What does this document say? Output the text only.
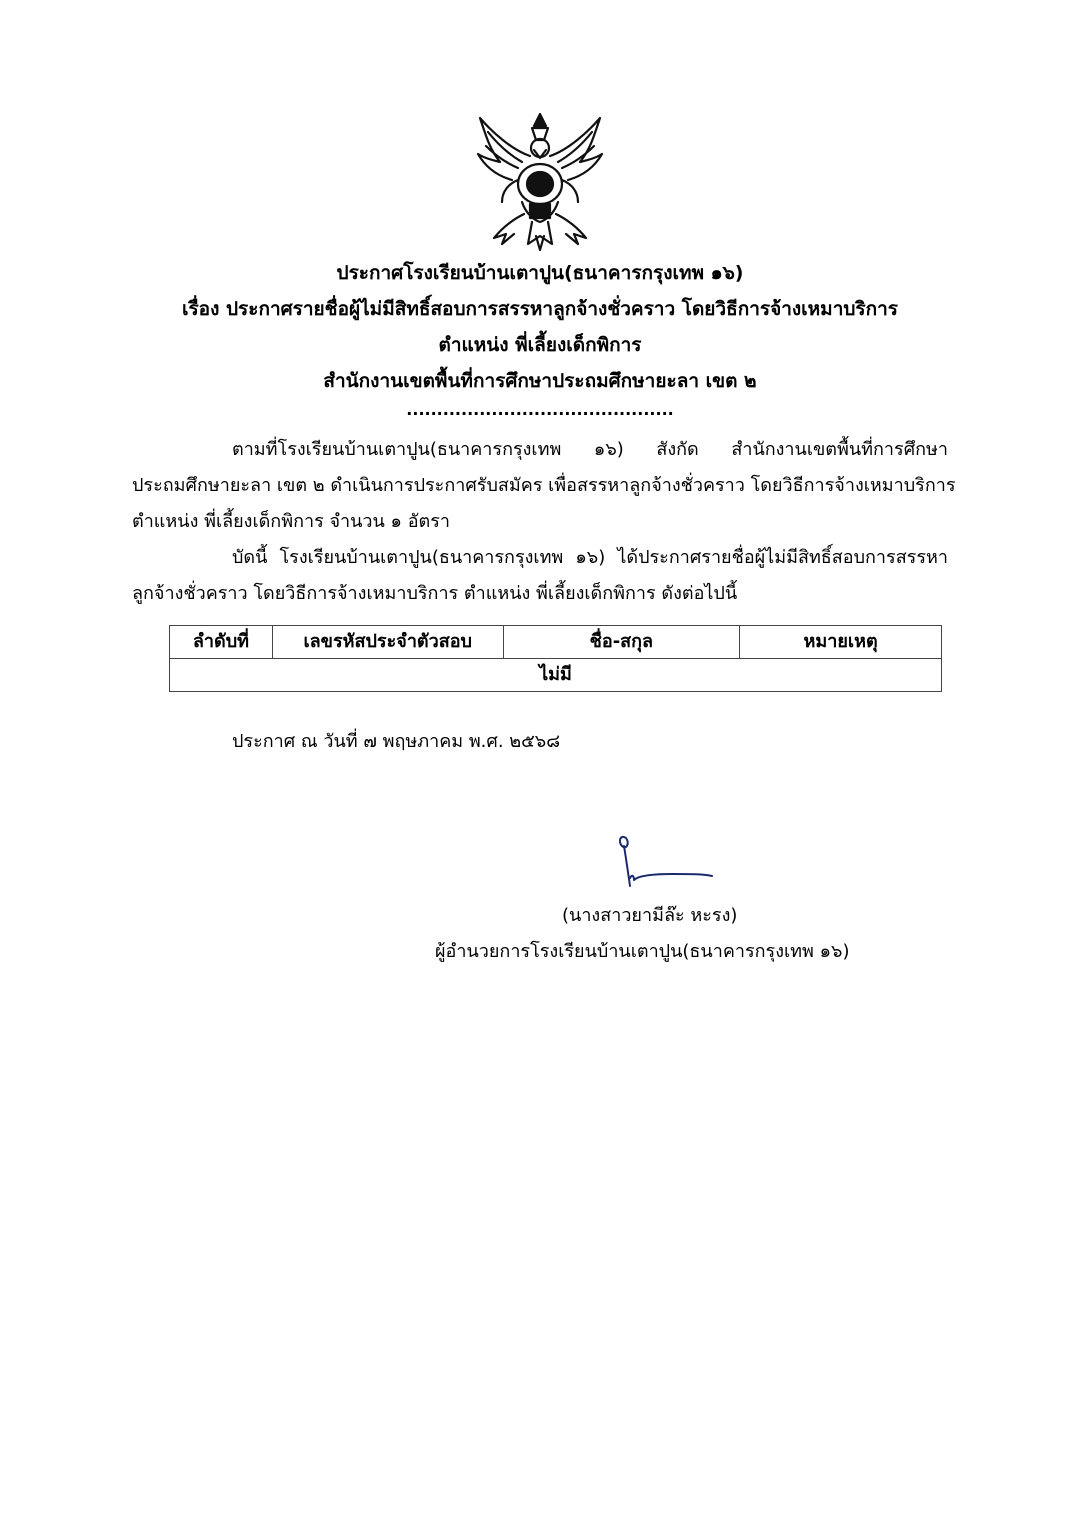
ประกาศโรงเรียนบ้านเตาปูน(ธนาคารกรุงเทพ ๑๖)
เรื่อง ประกาศรายชื่อผู้ไม่มีสิทธิ์สอบการสรรหาลูกจ้างชั่วคราว โดยวิธีการจ้างเหมาบริการ
ตำแหน่ง พี่เลี้ยงเด็กพิการ
สำนักงานเขตพื้นที่การศึกษาประถมศึกษายะลา เขต ๒
............................................
ตามที่โรงเรียนบ้านเตาปูน(ธนาคารกรุงเทพ ๑๖) สังกัด สำนักงานเขตพื้นที่การศึกษา
ประถมศึกษายะลา เขต ๒ ดำเนินการประกาศรับสมัคร เพื่อสรรหาลูกจ้างชั่วคราว โดยวิธีการจ้างเหมาบริการ
ตำแหน่ง พี่เลี้ยงเด็กพิการ จำนวน ๑ อัตรา
บัดนี้ โรงเรียนบ้านเตาปูน(ธนาคารกรุงเทพ ๑๖) ได้ประกาศรายชื่อผู้ไม่มีสิทธิ์สอบการสรรหา
ลูกจ้างชั่วคราว โดยวิธีการจ้างเหมาบริการ ตำแหน่ง พี่เลี้ยงเด็กพิการ ดังต่อไปนี้
ลำดับที่	เลขรหัสประจำตัวสอบ	ชื่อ-สกุล	หมายเหตุ
ไม่มี
ประกาศ ณ วันที่ ๗ พฤษภาคม พ.ศ. ๒๕๖๘
(นางสาวยามีล๊ะ หะรง)
ผู้อำนวยการโรงเรียนบ้านเตาปูน(ธนาคารกรุงเทพ ๑๖)
